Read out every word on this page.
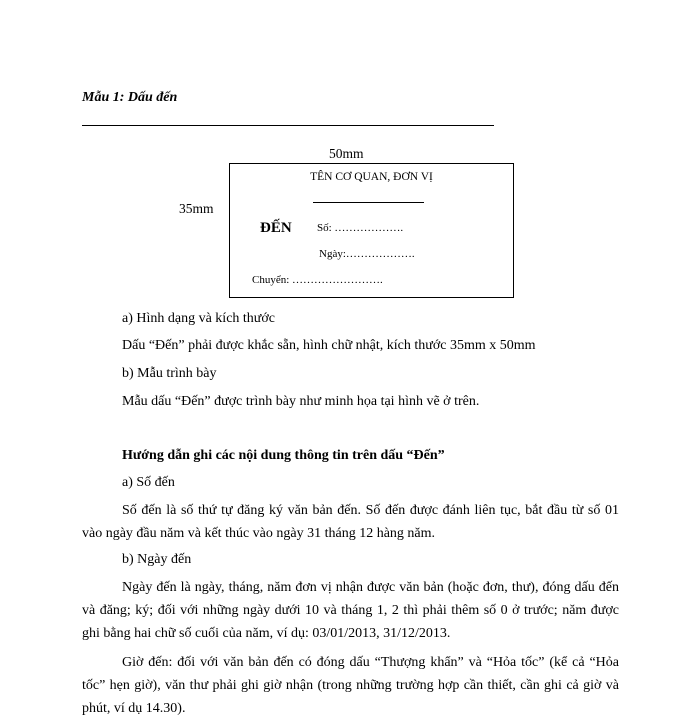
Mẫu 1: Dấu đến
50mm
35mm
TÊN CƠ QUAN, ĐƠN VỊ
ĐẾN Số: ……………….
Ngày:……………….
Chuyển: …………………….
a) Hình dạng và kích thước
Dấu “Đến” phải được khắc sẵn, hình chữ nhật, kích thước 35mm x 50mm
b) Mẫu trình bày
Mẫu dấu “Đến” được trình bày như minh họa tại hình vẽ ở trên.
Hướng dẫn ghi các nội dung thông tin trên dấu “Đến”
a) Số đến
Số đến là số thứ tự đăng ký văn bản đến. Số đến được đánh liên tục, bắt đầu từ số 01 vào ngày đầu năm và kết thúc vào ngày 31 tháng 12 hàng năm.
b) Ngày đến
Ngày đến là ngày, tháng, năm đơn vị nhận được văn bản (hoặc đơn, thư), đóng dấu đến và đăng; ký; đối với những ngày dưới 10 và tháng 1, 2 thì phải thêm số 0 ở trước; năm được ghi bằng hai chữ số cuối của năm, ví dụ: 03/01/2013, 31/12/2013.
Giờ đến: đối với văn bản đến có đóng dấu “Thượng khẩn” và “Hỏa tốc” (kể cả “Hỏa tốc” hẹn giờ), văn thư phải ghi giờ nhận (trong những trường hợp cần thiết, cần ghi cả giờ và phút, ví dụ 14.30).
